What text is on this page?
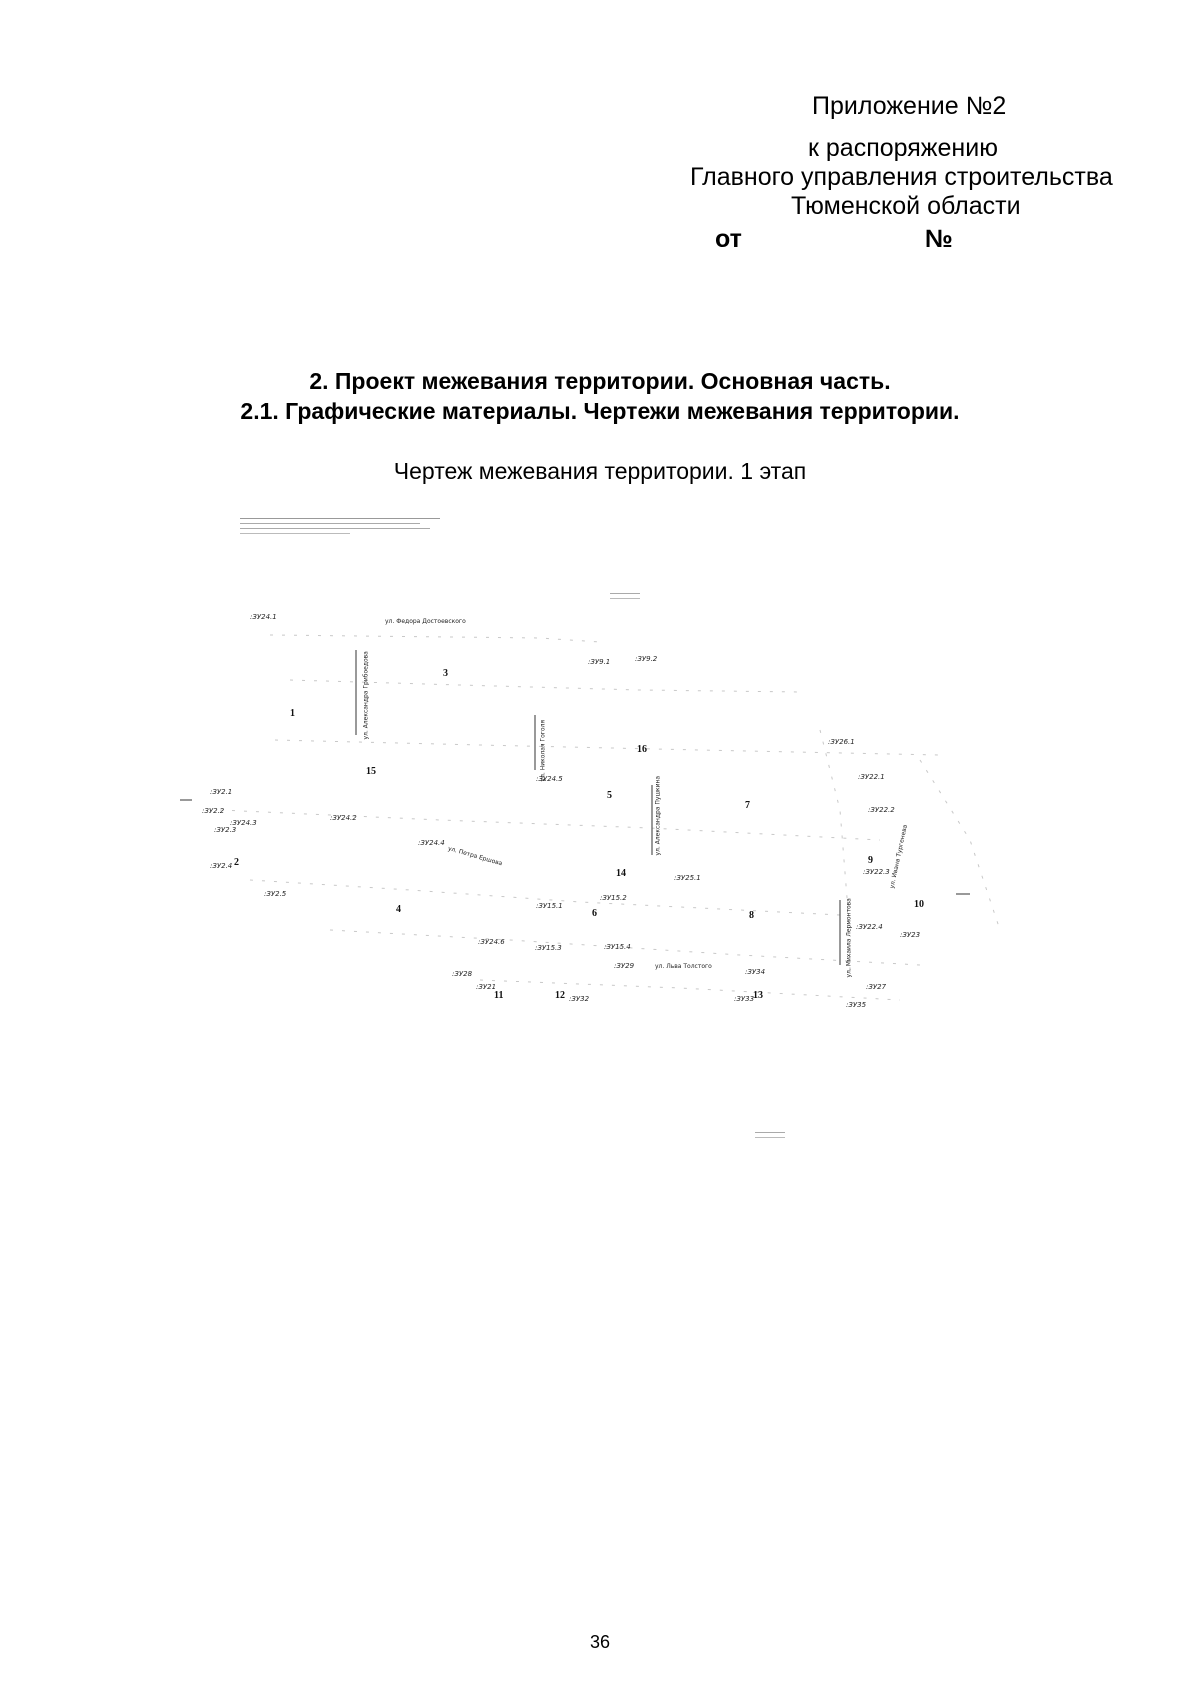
Приложение №2
к распоряжению
Главного управления строительства
Тюменской области
от	№
2. Проект межевания территории. Основная часть.
2.1. Графические материалы. Чертежи межевания территории.
Чертеж межевания территории. 1 этап
:ЗУ24.1
:ЗУ9.1	:ЗУ9.2
:ЗУ26.1
:ЗУ22.1
:ЗУ22.2
:ЗУ2.1
:ЗУ2.2
:ЗУ2.3
:ЗУ24.3
:ЗУ24.2
:ЗУ24.5
:ЗУ24.4
:ЗУ2.4
:ЗУ2.5
:ЗУ25.1
:ЗУ22.3
:ЗУ15.1
:ЗУ15.2
:ЗУ22.4
:ЗУ23
:ЗУ24.6
:ЗУ15.3	:ЗУ15.4
:ЗУ28
:ЗУ29
:ЗУ34
:ЗУ21
:ЗУ32	:ЗУ33
:ЗУ27
:ЗУ35
1
2
3
4
5
6
7
8
9
10
11	12	13
14
15
16
ул. Федора Достоевского
ул. Александра Грибоедова
ул. Николая Гоголя
ул. Александра Пушкина
ул. Петра Ершова
ул. Льва Толстого	ул. Михаила Лермонтова
ул. Ивана Тургенева
36
